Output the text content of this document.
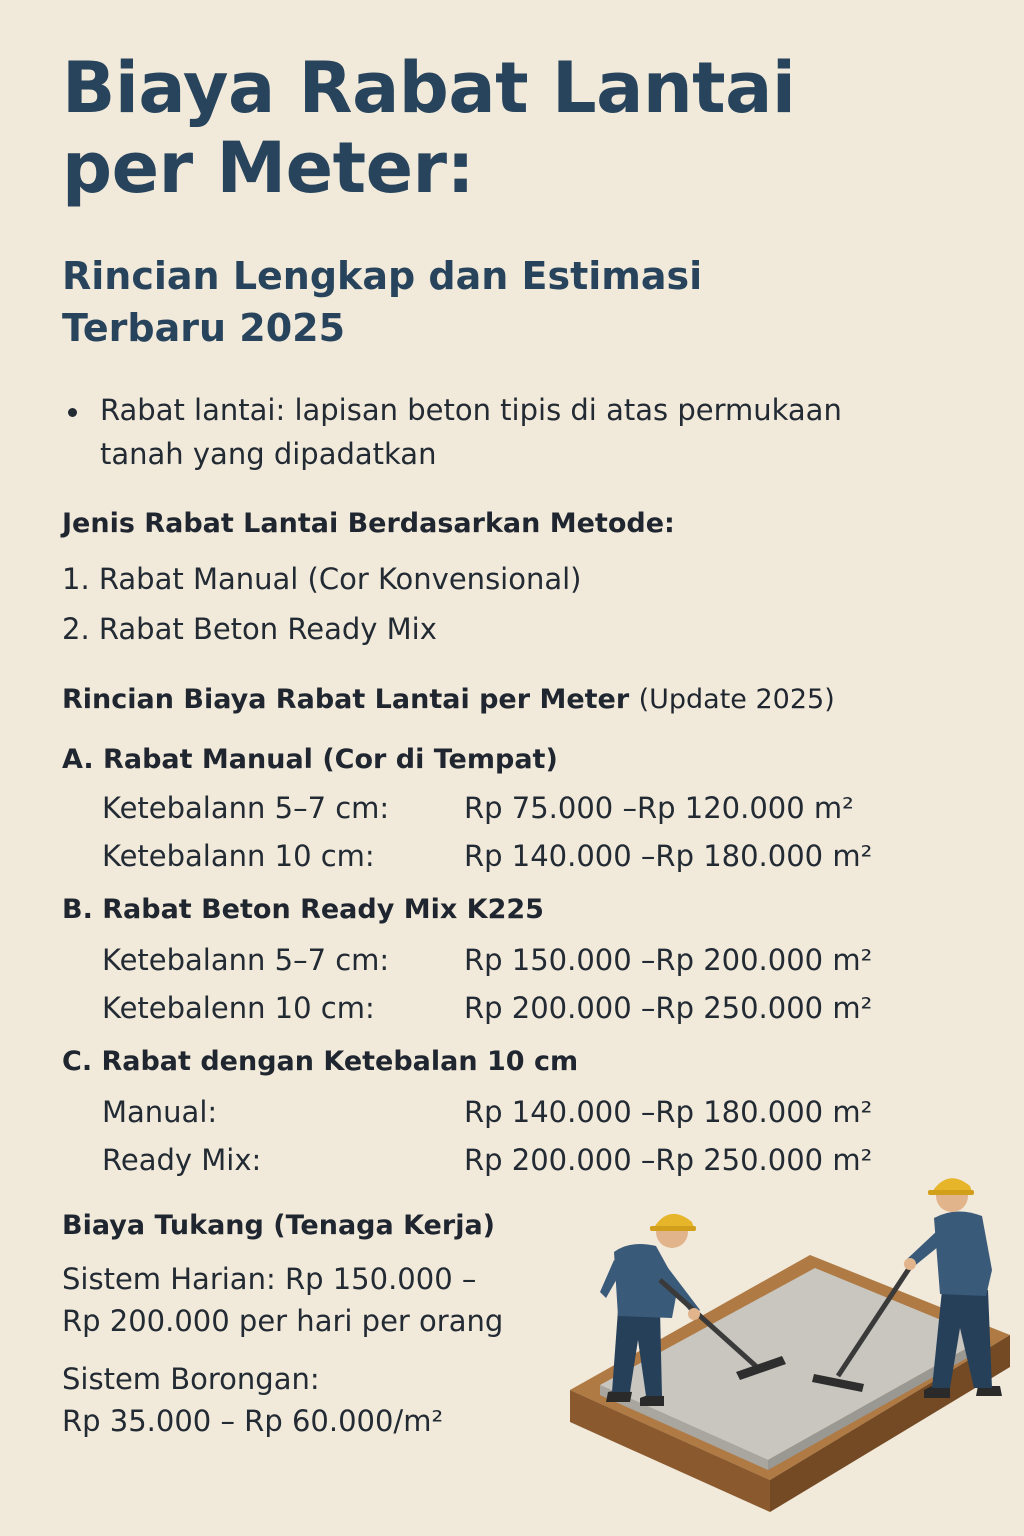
Biaya Rabat Lantai
per Meter:
Rincian Lengkap dan Estimasi
Terbaru 2025
Rabat lantai: lapisan beton tipis di atas permukaan
tanah yang dipadatkan
Jenis Rabat Lantai Berdasarkan Metode:
1. Rabat Manual (Cor Konvensional)
2. Rabat Beton Ready Mix
Rincian Biaya Rabat Lantai per Meter (Update 2025)
A. Rabat Manual (Cor di Tempat)
Ketebalann 5–7 cm:	Rp 75.000 –Rp 120.000 m²
Ketebalann 10 cm:	Rp 140.000 –Rp 180.000 m²
B. Rabat Beton Ready Mix K225
Ketebalann 5–7 cm:	Rp 150.000 –Rp 200.000 m²
Ketebalenn 10 cm:	Rp 200.000 –Rp 250.000 m²
C. Rabat dengan Ketebalan 10 cm
Manual:	Rp 140.000 –Rp 180.000 m²
Ready Mix:	Rp 200.000 –Rp 250.000 m²
Biaya Tukang (Tenaga Kerja)
Sistem Harian: Rp 150.000 –
Rp 200.000 per hari per orang
Sistem Borongan:
Rp 35.000 – Rp 60.000/m²
